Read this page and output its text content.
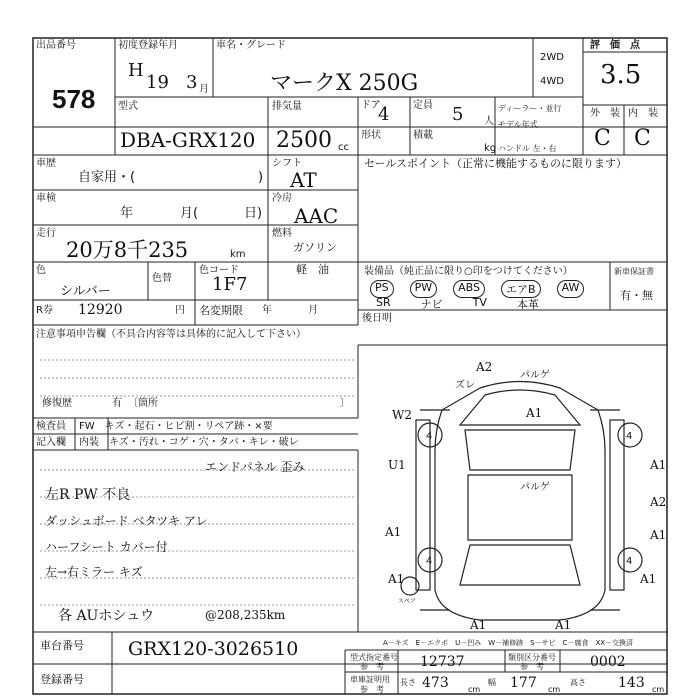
4	4
4	4
出品番号
578
初度登録年月
H
19 3 月
車名・グレード
マークX 250G
2WD
4WD
評　価　点
3.5
型式
DBA-GRX120
排気量
2500 cc
ドア
4 定員 5 人
形状	積載
kg
ディーラー・並行
モデル年式
ハンドル 左・右
外　装 内　装
C C
車歴
自家用・(	)
車検
年	月(	日)
走行
20万8千235	km
色
シルバー
色替
色コード
1F7
シフト
AT
冷房
AAC
燃料
ガソリン
軽　油
セールスポイント（正常に機能するものに限ります）
装備品（純正品に限り○印をつけてください）
PS	PW	ABS	エアB	AW
SR	ナビ	TV	本革
新車保証書
有・無
後日明
R券 12920	円 名変期限 年	月
注意事項申告欄（不具合内容等は具体的に記入して下さい）
修復歴	有 〔箇所	〕
検査員
記入欄
FW　キズ・起石・ヒビ割・リペア跡・×要
内装　キズ・汚れ・コゲ・穴・タバ・キレ・破レ
エンドパネル 歪み
左R PW 不良
ダッシュボード ベタツキ アレ
ハーフシート カバー付
左→右ミラー キズ
各 AUホシュウ	@208,235km
A2
パルゲ
ズレ
A1
W2
U1	A1
A2
パルゲ
A1
A1
A1
A1
A1	A1
スペア
A－キズ　E－エクボ　U－凹み　W－補修跡　S－サビ　C－腐食　XX－交換済
車台番号 GRX120-3026510
登録番号
型式指定番号
参　考	12737	類別区分番号
参　考	0002
車庫証明用
参　考
長さ 473 cm
幅 177 cm
高さ 143 cm
